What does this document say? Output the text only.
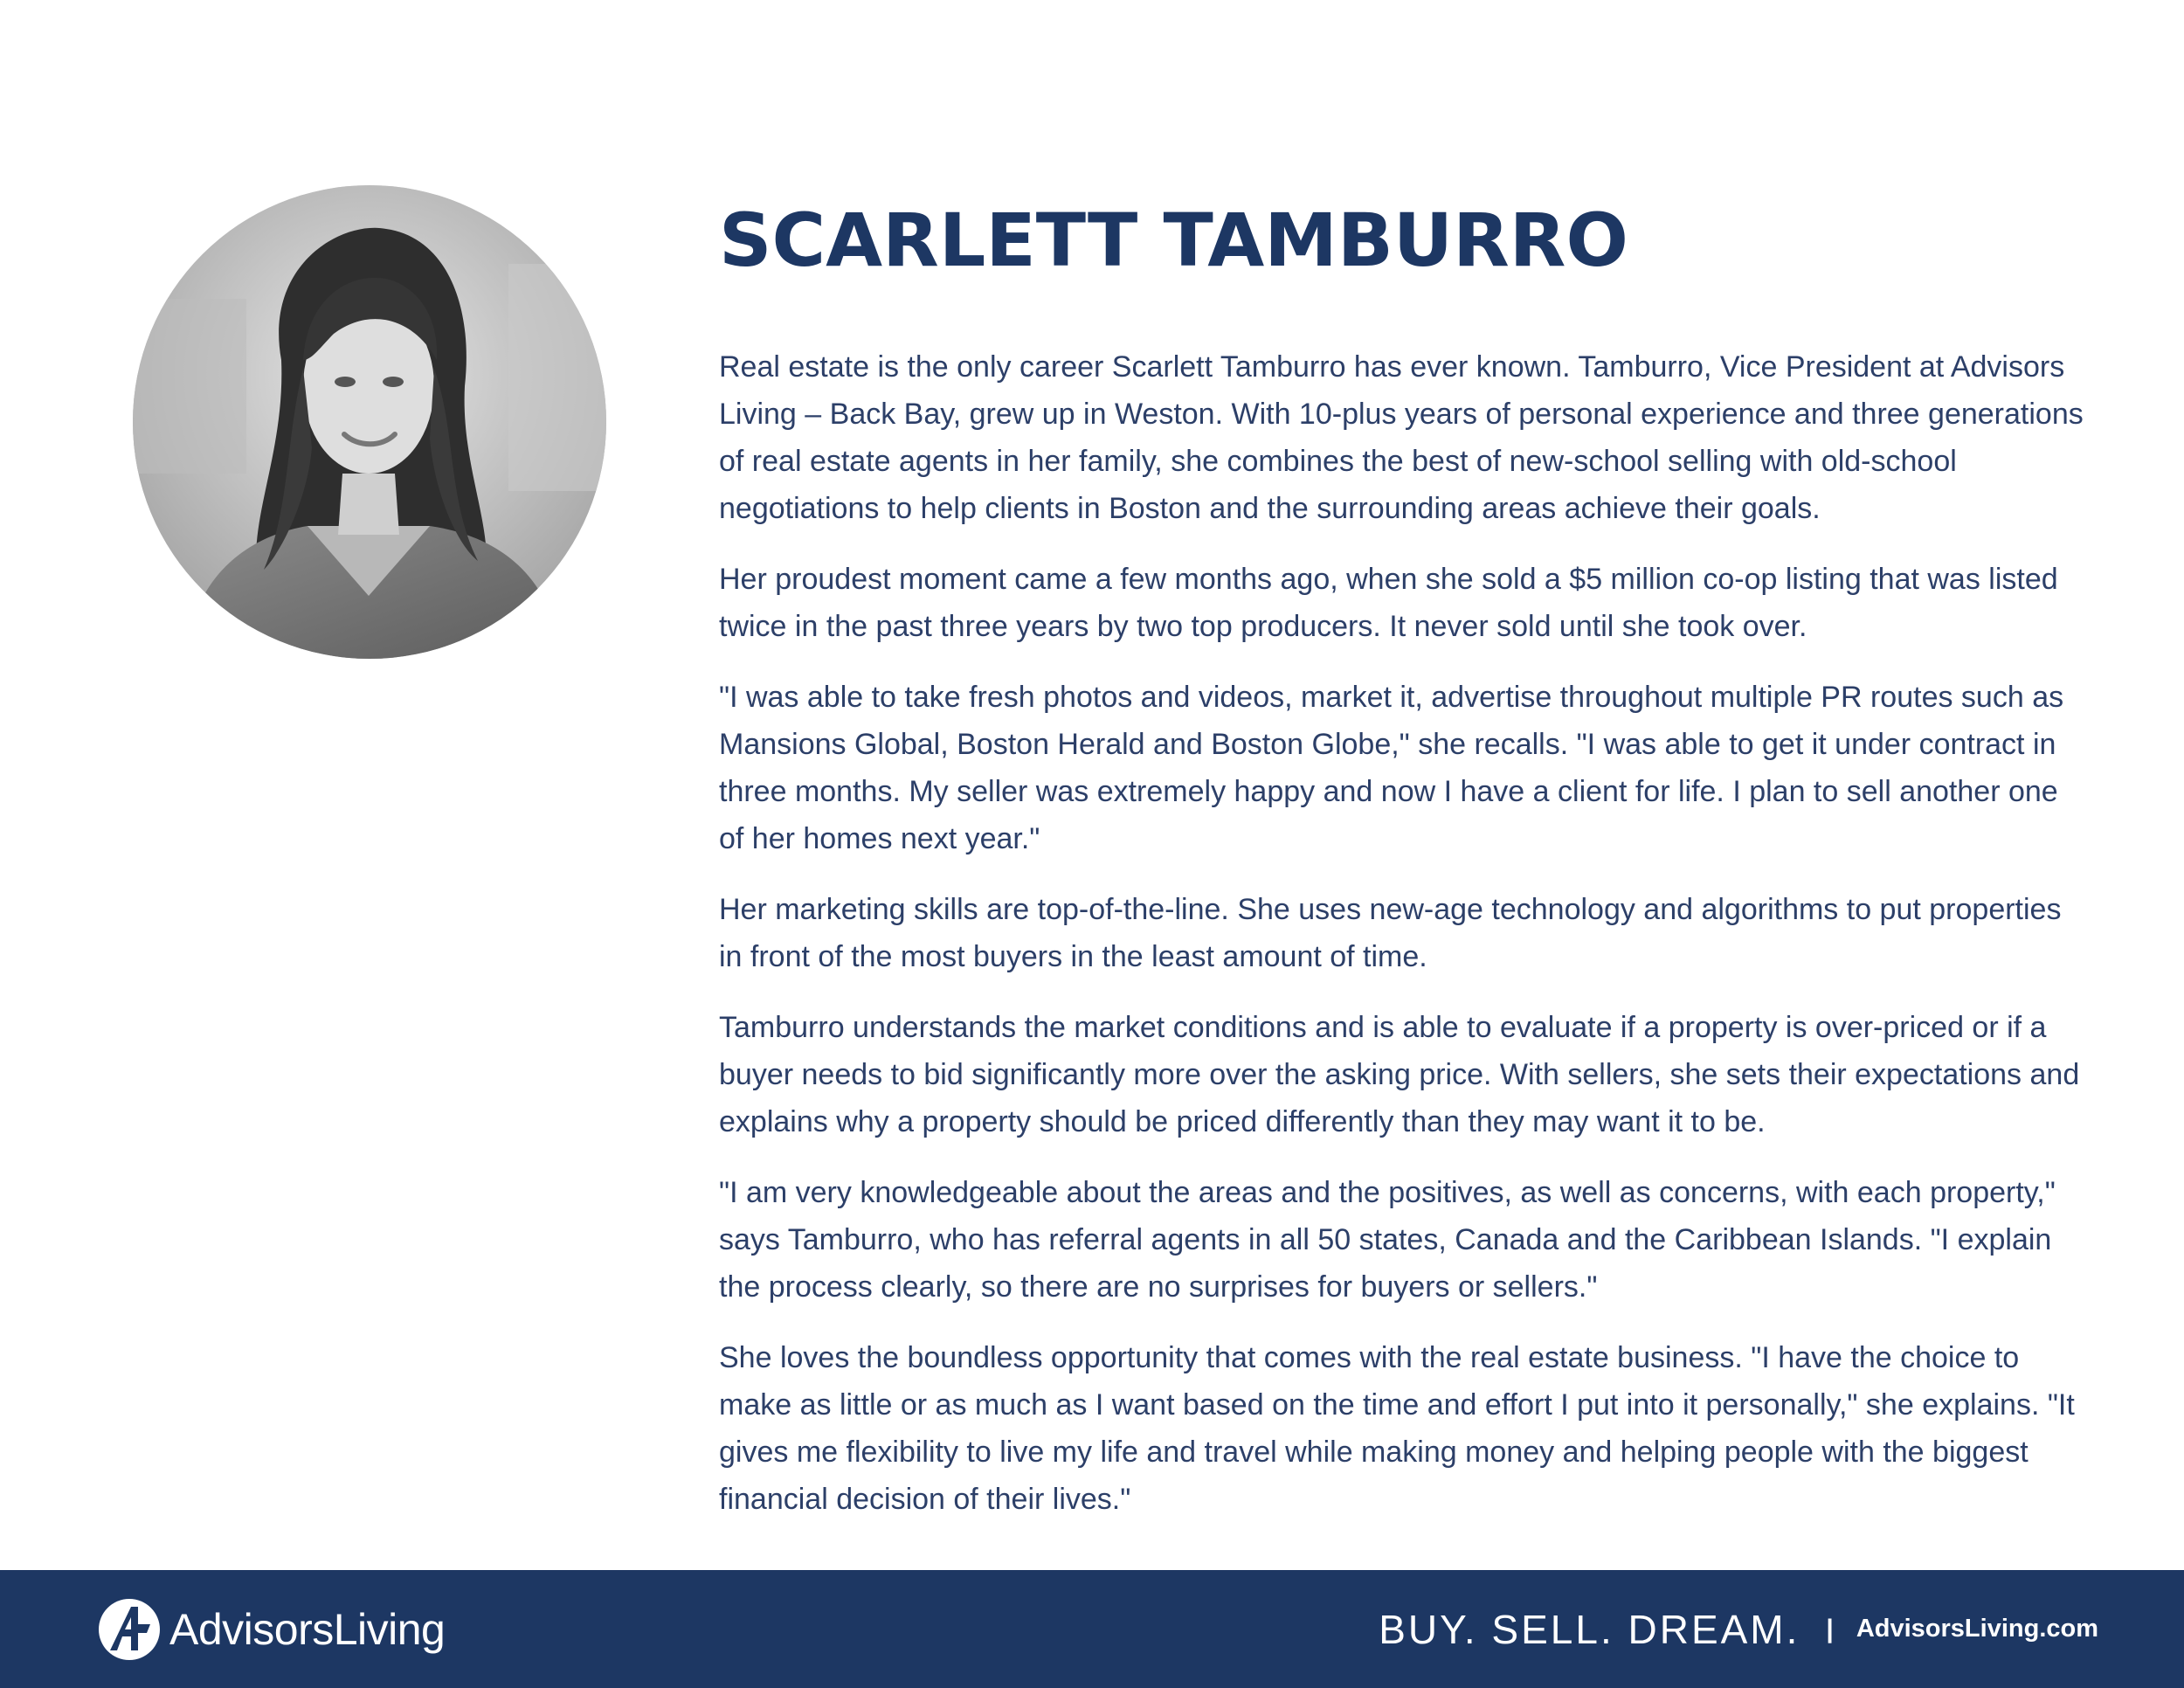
SCARLETT TAMBURRO

Real estate is the only career Scarlett Tamburro has ever known. Tamburro, Vice President at Advisors Living – Back Bay, grew up in Weston. With 10-plus years of personal experience and three generations of real estate agents in her family, she combines the best of new-school selling with old-school negotiations to help clients in Boston and the surrounding areas achieve their goals.

Her proudest moment came a few months ago, when she sold a $5 million co-op listing that was listed twice in the past three years by two top producers. It never sold until she took over.

"I was able to take fresh photos and videos, market it, advertise throughout multiple PR routes such as Mansions Global, Boston Herald and Boston Globe," she recalls. "I was able to get it under contract in three months. My seller was extremely happy and now I have a client for life. I plan to sell another one of her homes next year."

Her marketing skills are top-of-the-line. She uses new-age technology and algorithms to put properties in front of the most buyers in the least amount of time.

Tamburro understands the market conditions and is able to evaluate if a property is over-priced or if a buyer needs to bid significantly more over the asking price. With sellers, she sets their expectations and explains why a property should be priced differently than they may want it to be.

"I am very knowledgeable about the areas and the positives, as well as concerns, with each property," says Tamburro, who has referral agents in all 50 states, Canada and the Caribbean Islands. "I explain the process clearly, so there are no surprises for buyers or sellers."

She loves the boundless opportunity that comes with the real estate business. "I have the choice to make as little or as much as I want based on the time and effort I put into it personally," she explains. "It gives me flexibility to live my life and travel while making money and helping people with the biggest financial decision of their lives."

AdvisorsLiving	BUY. SELL. DREAM. | AdvisorsLiving.com
